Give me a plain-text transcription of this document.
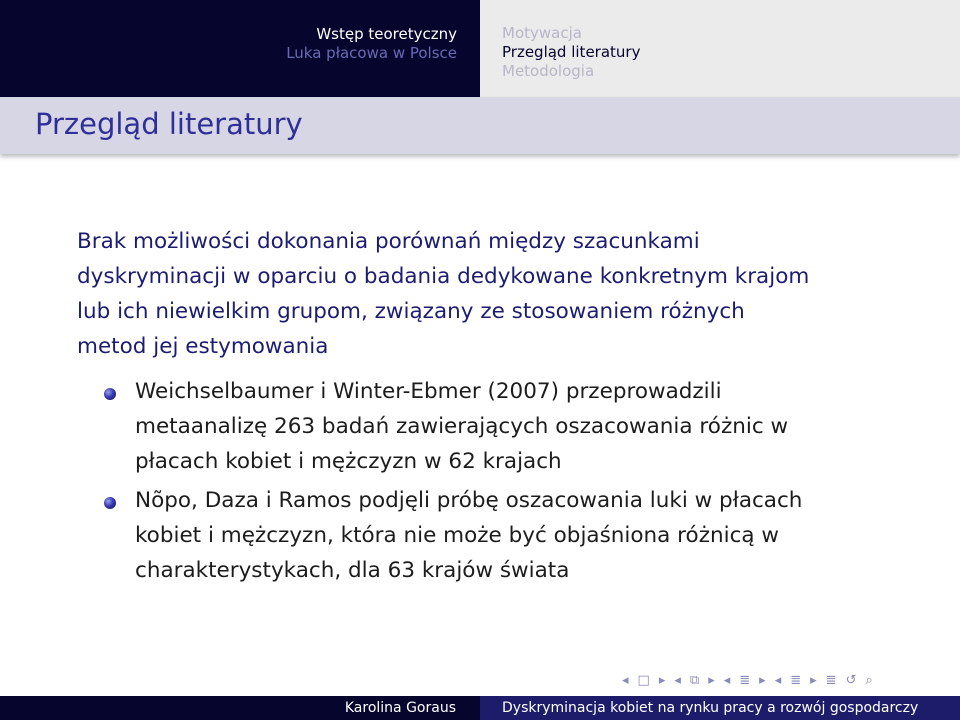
Wstęp teoretyczny
Luka płacowa w Polsce
Motywacja
Przegląd literatury
Metodologia
Przegląd literatury
Brak możliwości dokonania porównań między szacunkami
dyskryminacji w oparciu o badania dedykowane konkretnym krajom
lub ich niewielkim grupom, związany ze stosowaniem różnych
metod jej estymowania
Weichselbaumer i Winter-Ebmer (2007) przeprowadzili
metaanalizę 263 badań zawierających oszacowania różnic w
płacach kobiet i mężczyzn w 62 krajach
Nõpo, Daza i Ramos podjęli próbę oszacowania luki w płacach
kobiet i mężczyzn, która nie może być objaśniona różnicą w
charakterystykach, dla 63 krajów świata
◂ □ ▸ ◂ ⧉ ▸ ◂ ≣ ▸ ◂ ≣ ▸ ≣ ↺ ⌕
Karolina Goraus	Dyskryminacja kobiet na rynku pracy a rozwój gospodarczy
